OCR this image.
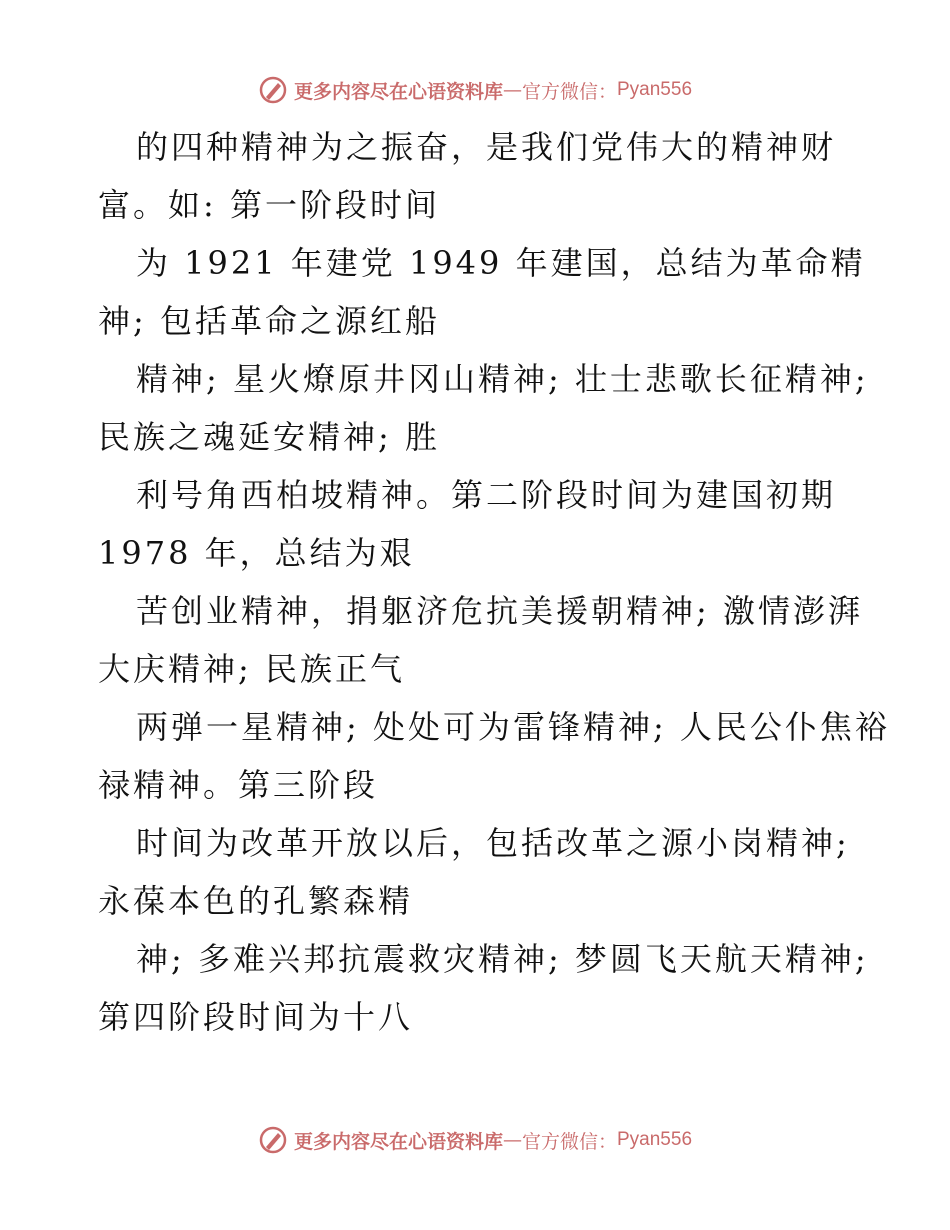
更多内容尽在心语资料库 — 官方微信： Pyan556
的四种精神为之振奋，是我们党伟大的精神财
富。如: 第一阶段时间
为 1921 年建党 1949 年建国，总结为革命精
神; 包括革命之源红船
精神; 星火燎原井冈山精神; 壮士悲歌长征精神;
民族之魂延安精神; 胜
利号角西柏坡精神。第二阶段时间为建国初期
1978 年，总结为艰
苦创业精神，捐躯济危抗美援朝精神; 激情澎湃
大庆精神; 民族正气
两弹一星精神; 处处可为雷锋精神; 人民公仆焦裕
禄精神。第三阶段
时间为改革开放以后，包括改革之源小岗精神;
永葆本色的孔繁森精
神; 多难兴邦抗震救灾精神; 梦圆飞天航天精神;
第四阶段时间为十八
更多内容尽在心语资料库 — 官方微信： Pyan556
